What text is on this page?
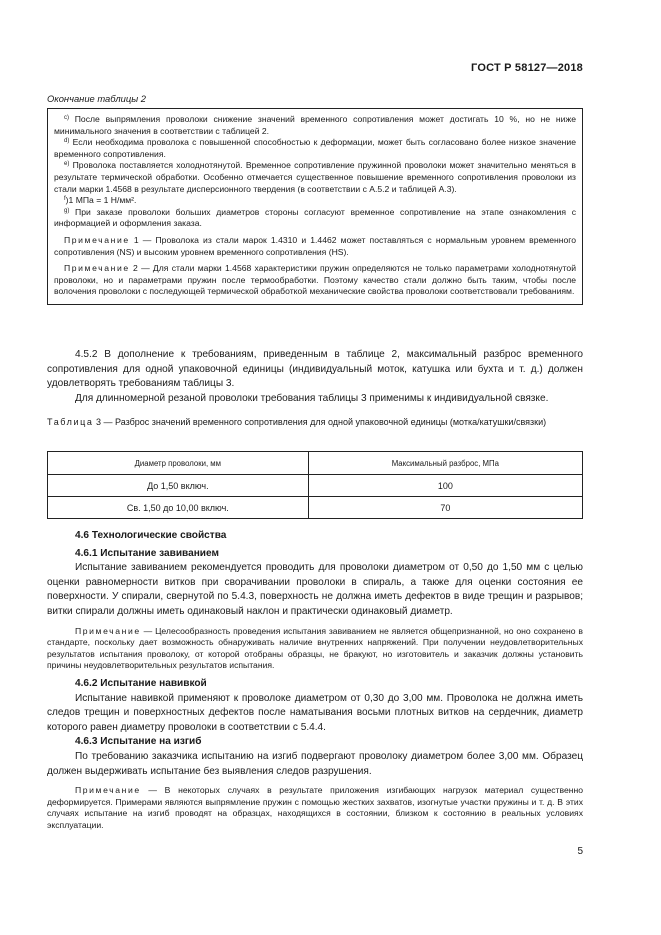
ГОСТ Р 58127—2018
Окончание таблицы 2

$^{c)}$ После выпрямления проволоки снижение значений временного сопротивления может достигать 10 %, но не ниже минимального значения в соответствии с таблицей 2.

$^{d)}$ Если необходима проволока с повышенной способностью к деформации, может быть согласовано более низкое значение временного сопротивления.

$^{e)}$ Проволока поставляется холоднотянутой. Временное сопротивление пружинной проволоки может значительно меняться в результате термической обработки. Особенно отмечается существенное повышение временного сопротивления проволоки из стали марки 1.4568 в результате дисперсионного твердения (в соответствии с А.5.2 и таблицей А.3).

$^f$)1 МПа = 1 Н/мм².

$^{g)}$ При заказе проволоки больших диаметров стороны согласуют временное сопротивление на этапе ознакомления с информацией и оформления заказа.

Примечание 1 — Проволока из стали марок 1.4310 и 1.4462 может поставляться с нормальным уровнем временного сопротивления (NS) и высоким уровнем временного сопротивления (HS).

Примечание 2 — Для стали марки 1.4568 характеристики пружин определяются не только параметрами холоднотянутой проволоки, но и параметрами пружин после термообработки. Поэтому качество стали должно быть таким, чтобы после волочения проволоки с последующей термической обработкой механические свойства проволоки соответствовали требованиям.

4.5.2 В дополнение к требованиям, приведенным в таблице 2, максимальный разброс временного сопротивления для одной упаковочной единицы (индивидуальный моток, катушка или бухта и т. д.) должен удовлетворять требованиям таблицы 3.

Для длинномерной резаной проволоки требования таблицы 3 применимы к индивидуальной связке.

Таблица 3 — Разброс значений временного сопротивления для одной упаковочной единицы (мотка/катушки/связки)
Диаметр проволоки, мм	Максимальный разброс, МПа
До 1,50 включ.	100
Св. 1,50 до 10,00 включ.	70

4.6 Технологические свойства

4.6.1 Испытание завиванием

Испытание завиванием рекомендуется проводить для проволоки диаметром от 0,50 до 1,50 мм с целью оценки равномерности витков при сворачивании проволоки в спираль, а также для оценки состояния ее поверхности. У спирали, свернутой по 5.4.3, поверхность не должна иметь дефектов в виде трещин и разрывов; витки спирали должны иметь одинаковый наклон и практически одинаковый диаметр.

Примечание — Целесообразность проведения испытания завиванием не является общепризнанной, но оно сохранено в стандарте, поскольку дает возможность обнаруживать наличие внутренних напряжений. При получении неудовлетворительных результатов испытания проволоку, от которой отобраны образцы, не бракуют, но изготовитель и заказчик должны установить причины неудовлетворительных результатов испытания.

4.6.2 Испытание навивкой

Испытание навивкой применяют к проволоке диаметром от 0,30 до 3,00 мм. Проволока не должна иметь следов трещин и поверхностных дефектов после наматывания восьми плотных витков на сердечник, диаметр которого равен диаметру проволоки в соответствии с 5.4.4.

4.6.3 Испытание на изгиб

По требованию заказчика испытанию на изгиб подвергают проволоку диаметром более 3,00 мм. Образец должен выдерживать испытание без выявления следов разрушения.

Примечание — В некоторых случаях в результате приложения изгибающих нагрузок материал существенно деформируется. Примерами являются выпрямление пружин с помощью жестких захватов, изогнутые участки пружины и т. д. В этих случаях испытание на изгиб проводят на образцах, находящихся в состоянии, близком к состоянию в реальных условиях эксплуатации.

5
